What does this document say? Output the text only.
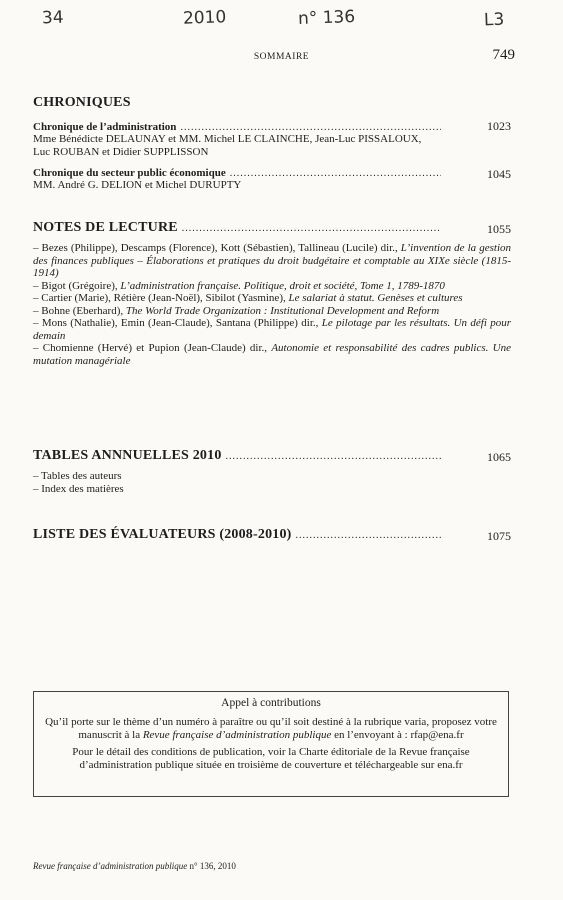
34	2010	n° 136	L3
SOMMAIRE	749
CHRONIQUES
Chronique de l’administration .....	1023
Mme Bénédicte DELAUNAY et MM. Michel LE CLAINCHE, Jean-Luc PISSALOUX,
Luc ROUBAN et Didier SUPPLISSON
Chronique du secteur public économique .....	1045
MM. André G. DELION et Michel DURUPTY
NOTES DE LECTURE .....	1055
– Bezes (Philippe), Descamps (Florence), Kott (Sébastien), Tallineau (Lucile) dir., L’invention de la gestion des finances publiques – Élaborations et pratiques du droit budgétaire et comptable au XIXe siècle (1815-1914)
– Bigot (Grégoire), L’administration française. Politique, droit et société, Tome 1, 1789-1870
– Cartier (Marie), Rétière (Jean-Noël), Sibilot (Yasmine), Le salariat à statut. Genèses et cultures
– Bohne (Eberhard), The World Trade Organization : Institutional Development and Reform
– Mons (Nathalie), Emin (Jean-Claude), Santana (Philippe) dir., Le pilotage par les résultats. Un défi pour demain
– Chomienne (Hervé) et Pupion (Jean-Claude) dir., Autonomie et responsabilité des cadres publics. Une mutation managériale
TABLES ANNNUELLES 2010 .....	1065
– Tables des auteurs
– Index des matières
LISTE DES ÉVALUATEURS (2008-2010) .....	1075

Appel à contributions

Qu’il porte sur le thème d’un numéro à paraître ou qu’il soit destiné à la rubrique varia, proposez votre manuscrit à la Revue française d’administration publique en l’envoyant à : rfap@ena.fr

Pour le détail des conditions de publication, voir la Charte éditoriale de la Revue française d’administration publique située en troisième de couverture et téléchargeable sur ena.fr

Revue française d’administration publique n° 136, 2010
